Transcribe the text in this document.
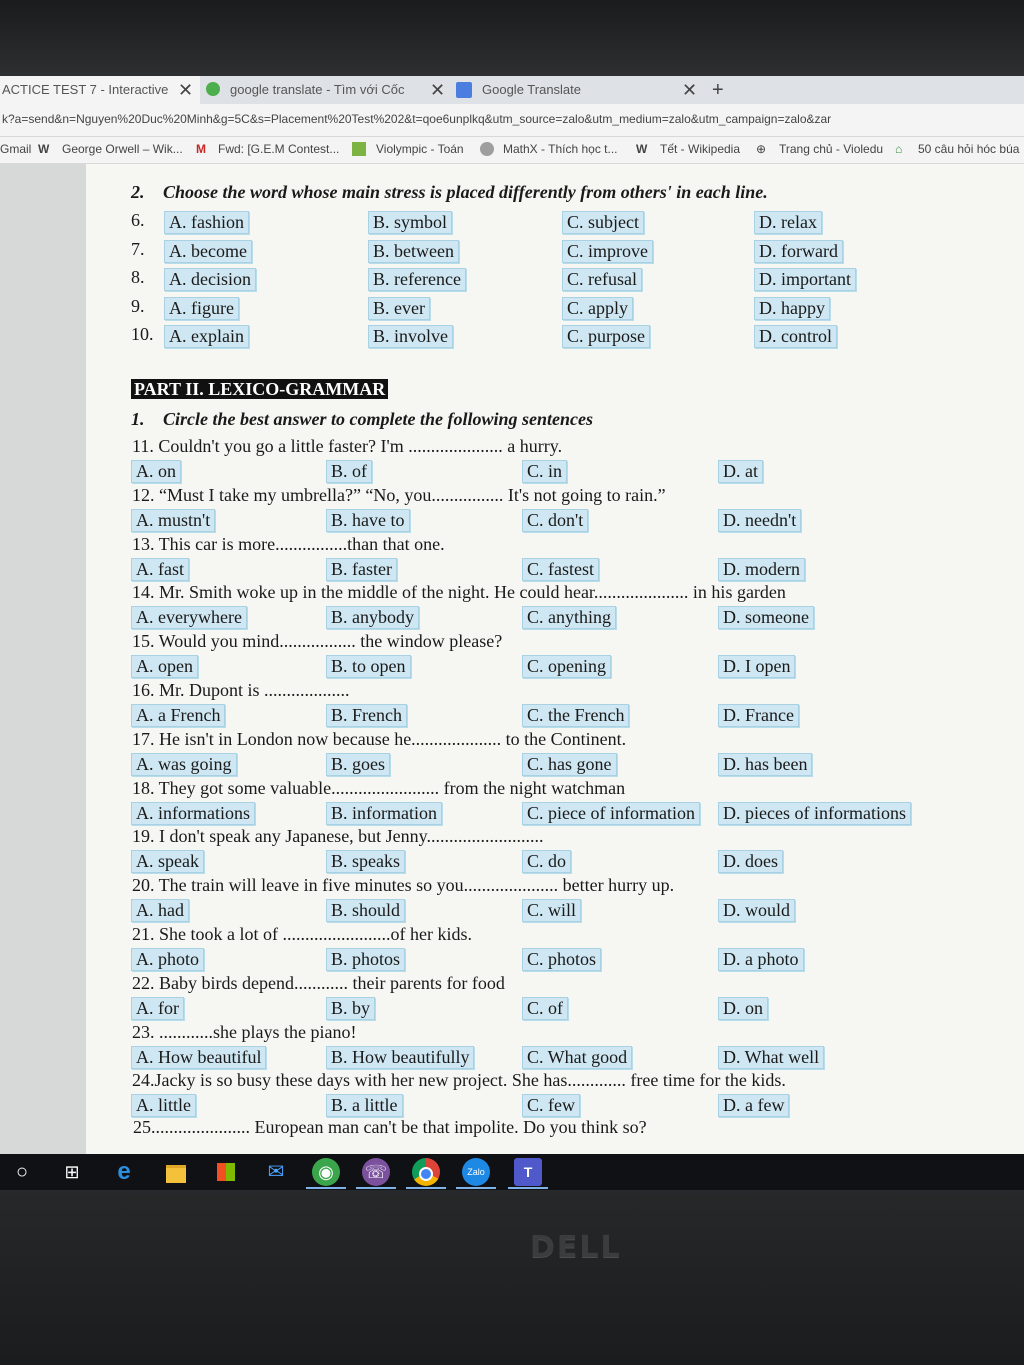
ACTICE TEST 7 - Interactive ✕	google translate - Tìm với Cốc	✕	Google Translate	✕ +
k?a=send&n=Nguyen%20Duc%20Minh&g=5C&s=Placement%20Test%202&t=qoe6unplkq&utm_source=zalo&utm_medium=zalo&utm_campaign=zalo&zar
Gmail W George Orwell – Wik... M Fwd: [G.E.M Contest...	Violympic - Toán	MathX - Thích học t... W Tết - Wikipedia ⊕ Trang chủ - Violedu ⌂ 50 câu hỏi hóc búa
2. Choose the word whose main stress is placed differently from others' in each line.
6. A. fashion	B. symbol	C. subject	D. relax
7. A. become	B. between	C. improve	D. forward
8. A. decision	B. reference	C. refusal	D. important
9. A. figure	B. ever	C. apply	D. happy
10. A. explain	B. involve	C. purpose	D. control
PART II. LEXICO-GRAMMAR
1. Circle the best answer to complete the following sentences
11. Couldn't you go a little faster? I'm ..................... a hurry.
A. on	B. of	C. in	D. at
12. “Must I take my umbrella?” “No, you................ It's not going to rain.”
A. mustn't	B. have to	C. don't	D. needn't
13. This car is more................than that one.
A. fast	B. faster	C. fastest	D. modern
14. Mr. Smith woke up in the middle of the night. He could hear..................... in his garden
A. everywhere	B. anybody	C. anything	D. someone
15. Would you mind................. the window please?
A. open	B. to open	C. opening	D. I open
16. Mr. Dupont is ...................
A. a French	B. French	C. the French	D. France
17. He isn't in London now because he.................... to the Continent.
A. was going	B. goes	C. has gone	D. has been
18. They got some valuable........................ from the night watchman
A. informations	B. information	C. piece of information D. pieces of informations
19. I don't speak any Japanese, but Jenny..........................
A. speak	B. speaks	C. do	D. does
20. The train will leave in five minutes so you..................... better hurry up.
A. had	B. should	C. will	D. would
21. She took a lot of ........................of her kids.
A. photo	B. photos	C. photos	D. a photo
22. Baby birds depend............ their parents for food
A. for	B. by	C. of	D. on
23. ............she plays the piano!
A. How beautiful	B. How beautifully	C. What good	D. What well
24.Jacky is so busy these days with her new project. She has............. free time for the kids.
A. little	B. a little	C. few	D. a few
25...................... European man can't be that impolite. Do you think so?
○	⊞	e	✉	◉	☏	Zalo	T
DELL
